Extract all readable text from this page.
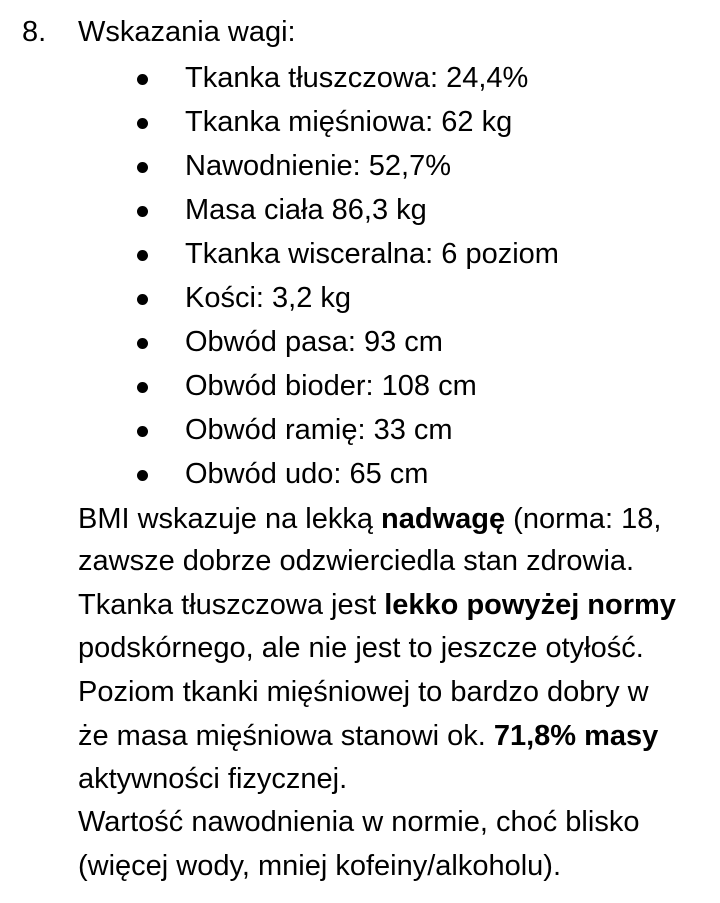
8. Wskazania wagi:
Tkanka tłuszczowa: 24,4%
Tkanka mięśniowa: 62 kg
Nawodnienie: 52,7%
Masa ciała 86,3 kg
Tkanka wisceralna: 6 poziom
Kości: 3,2 kg
Obwód pasa: 93 cm
Obwód bioder: 108 cm
Obwód ramię: 33 cm
Obwód udo: 65 cm
BMI wskazuje na lekką nadwagę (norma: 18,
zawsze dobrze odzwierciedla stan zdrowia.
Tkanka tłuszczowa jest lekko powyżej normy
podskórnego, ale nie jest to jeszcze otyłość.
Poziom tkanki mięśniowej to bardzo dobry w
że masa mięśniowa stanowi ok. 71,8% masy
aktywności fizycznej.
Wartość nawodnienia w normie, choć blisko
(więcej wody, mniej kofeiny/alkoholu).
